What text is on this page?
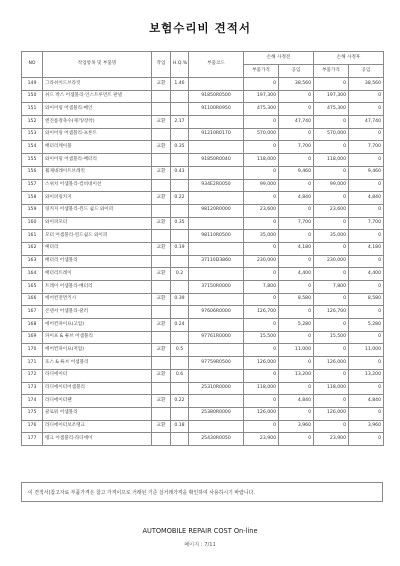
보험수리비 견적서
NO	작업항목 및 부품명	작업	H.Q.%	부품코드	손해 사정전		손해 사정후	
					부품가격	공임	부품가격	공임
149	그라쉬이드브라킷	교환	1.46		0	38,560	0	38,560
150	쉬드 박스 어셈블리-인스트루먼트 판넬			91850R0500	197,300	0	197,300	0
151	와이어링 어셈블리-메인			91100R0950	475,300	0	475,300	0
152	엔진룸정축수(제거/장착)	교환	2.17		0	47,740	0	47,740
153	와이어링 어셈블리-프론트			91210R0170	570,000	0	570,000	0
154	배터리케이블	교환	0.35		0	7,700	0	7,700
155	와이어링 어셈블리-배터리			91850R0040	118,000	0	118,000	0
156	휠제네레이트브래킷	교환	0.43		0	9,460	0	9,460
157	스위치 어셈블리-컴비네이션			934E2R0050	99,000	0	99,000	0
158	와이퍼링커지	교환	0.22		0	4,840	0	4,840
159	링커지 어셈블리-윈드 쉴드 와이퍼			98120R0000	23,600	0	23,600	0
160	와이퍼모터	교환	0.35		0	7,700	0	7,700
161	모터 어셈블리-윈드쉴드 와이퍼			98110R0500	35,000	0	35,000	0
162	배터리	교환	0.19		0	4,180	0	4,180
163	배터리 어셈블리			37110D3860	230,000	0	230,000	0
164	배터리트레이	교환	0.2		0	4,400	0	4,400
165	트레이 어셈블리-배터리			37150R0000	7,800	0	7,800	0
166	에어컨전면키시	교환	0.39		0	8,580	0	8,580
167	콘덴서 어셈블리-쿨러			97606R0000	126,700	0	126,700	0
168	에어컨파이프(고압)	교환	0.24		0	5,280	0	5,280
169	파이프 & 튜브 어셈블리			97761R0000	15,500	0	15,500	0
170	에어컨파이프(저압)	교환	0.5		0	11,000	0	11,000
171	호스 & 튜브 어셈블리			97759R0500	126,000	0	126,000	0
172	라디에이터	교환	0.6		0	13,200	0	13,200
173	라디에이터어셈블리			25310R0000	118,000	0	118,000	0
174	라디에이터팬	교환	0.22		0	4,840	0	4,840
175	쿨로워 어셈블리			25380R0000	126,000	0	126,000	0
176	라디에이터보조탱크	교환	0.18		0	3,960	0	3,960
177	탱크 어셈블리-라디에이			25430R0050	23,900	0	23,900	0
이 견적서(참고자료 부품가격은 참고 가격이므로 거래된 기준 실거래가격을 확인하여 사용하시기 바랍니다.
AUTOMOBILE REPAIR COST On-line
페이지 : 7/11
